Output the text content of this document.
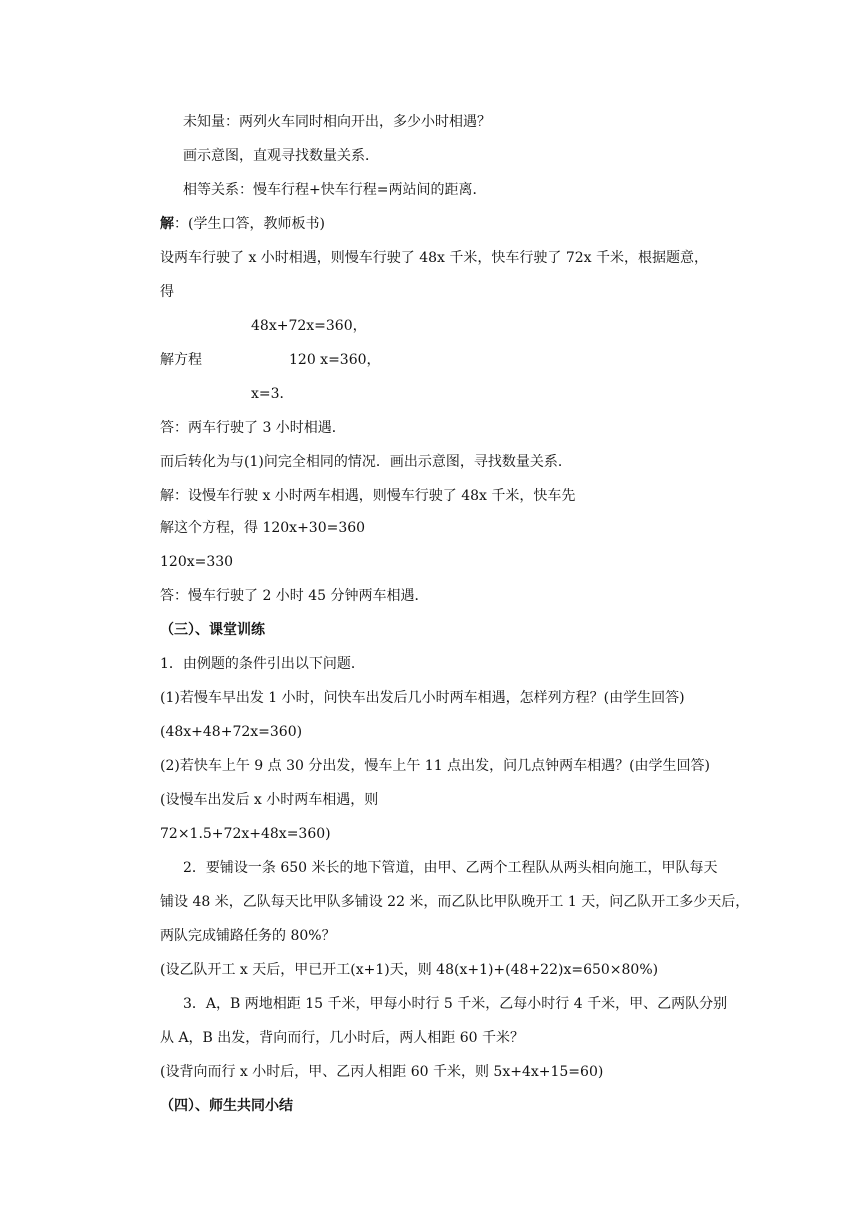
未知量：两列火车同时相向开出，多少小时相遇？
画示意图，直观寻找数量关系．
相等关系：慢车行程+快车行程=两站间的距离．
解：(学生口答，教师板书)
设两车行驶了 x 小时相遇，则慢车行驶了 48x 千米，快车行驶了 72x 千米，根据题意，
得
48x+72x=360，
解方程	120 x=360，
x=3．
答：两车行驶了 3 小时相遇．
而后转化为与(1)问完全相同的情况．画出示意图，寻找数量关系．
解：设慢车行驶 x 小时两车相遇，则慢车行驶了 48x 千米，快车先
解这个方程，得 120x+30=360
120x=330
答：慢车行驶了 2 小时 45 分钟两车相遇．
（三）、课堂训练
1．由例题的条件引出以下问题．
(1)若慢车早出发 1 小时，问快车出发后几小时两车相遇，怎样列方程？(由学生回答)
(48x+48+72x=360)
(2)若快车上午 9 点 30 分出发，慢车上午 11 点出发，问几点钟两车相遇？(由学生回答)
(设慢车出发后 x 小时两车相遇，则
72×1.5+72x+48x=360)
2．要铺设一条 650 米长的地下管道，由甲、乙两个工程队从两头相向施工，甲队每天
铺设 48 米，乙队每天比甲队多铺设 22 米，而乙队比甲队晚开工 1 天，问乙队开工多少天后，
两队完成铺路任务的 80%？
(设乙队开工 x 天后，甲已开工(x+1)天，则 48(x+1)+(48+22)x=650×80%)
3．A，B 两地相距 15 千米，甲每小时行 5 千米，乙每小时行 4 千米，甲、乙两队分别
从 A，B 出发，背向而行，几小时后，两人相距 60 千米？
(设背向而行 x 小时后，甲、乙丙人相距 60 千米，则 5x+4x+15=60)
（四）、师生共同小结
